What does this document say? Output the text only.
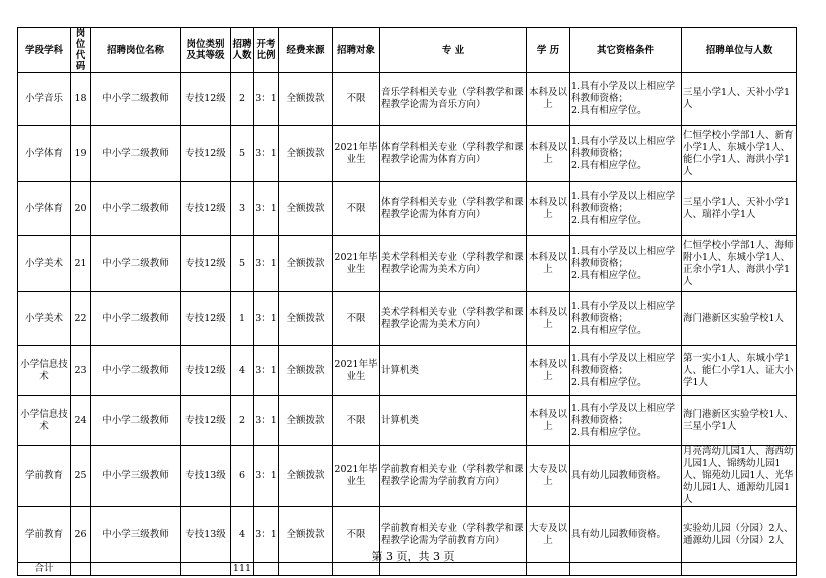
学段学科	岗位代码	招聘岗位名称	岗位类别及其等级	招聘人数	开考比例	经费来源	招聘对象	专 业	学 历	其它资格条件	招聘单位与人数
小学音乐	18	中小学二级教师	专技12级	2	3：1	全额拨款	不限	音乐学科相关专业（学科教学和课程教学论需为音乐方向）	本科及以上	1.具有小学及以上相应学科教师资格；
2.具有相应学位。	三星小学1人、天补小学1人
小学体育	19	中小学二级教师	专技12级	5	3：1	全额拨款	2021年毕业生	体育学科相关专业（学科教学和课程教学论需为体育方向）	本科及以上	1.具有小学及以上相应学科教师资格；
2.具有相应学位。	仁恒学校小学部1人、新育小学1人、东城小学1人、能仁小学1人、海洪小学1人
小学体育	20	中小学二级教师	专技12级	3	3：1	全额拨款	不限	体育学科相关专业（学科教学和课程教学论需为体育方向）	本科及以上	1.具有小学及以上相应学科教师资格；
2.具有相应学位。	三星小学1人、天补小学1人、瑞祥小学1人
小学美术	21	中小学二级教师	专技12级	5	3：1	全额拨款	2021年毕业生	美术学科相关专业（学科教学和课程教学论需为美术方向）	本科及以上	1.具有小学及以上相应学科教师资格；
2.具有相应学位。	仁恒学校小学部1人、海师附小1人、东城小学1人、正余小学1人、海洪小学1人
小学美术	22	中小学二级教师	专技12级	1	3：1	全额拨款	不限	美术学科相关专业（学科教学和课程教学论需为美术方向）	本科及以上	1.具有小学及以上相应学科教师资格；
2.具有相应学位。	海门港新区实验学校1人
小学信息技术	23	中小学二级教师	专技12级	4	3：1	全额拨款	2021年毕业生	计算机类	本科及以上	1.具有小学及以上相应学科教师资格；
2.具有相应学位。	第一实小1人、东城小学1人、能仁小学1人、证大小学1人
小学信息技术	24	中小学二级教师	专技12级	2	3：1	全额拨款	不限	计算机类	本科及以上	1.具有小学及以上相应学科教师资格；
2.具有相应学位。	海门港新区实验学校1人、三星小学1人
学前教育	25	中小学三级教师	专技13级	6	3：1	全额拨款	2021年毕业生	学前教育相关专业（学科教学和课程教学论需为学前教育方向）	大专及以上	具有幼儿园教师资格。	月亮湾幼儿园1人、海西幼儿园1人、锦绣幼儿园1人、锦苑幼儿园1人、光华幼儿园1人、通源幼儿园1人
学前教育	26	中小学三级教师	专技13级	4	3：1	全额拨款	不限	学前教育相关专业（学科教学和课程教学论需为学前教育方向）	大专及以上	具有幼儿园教师资格。	实验幼儿园（分园）2人、通源幼儿园（分园）2人
合计				111							
第 3 页，共 3 页
